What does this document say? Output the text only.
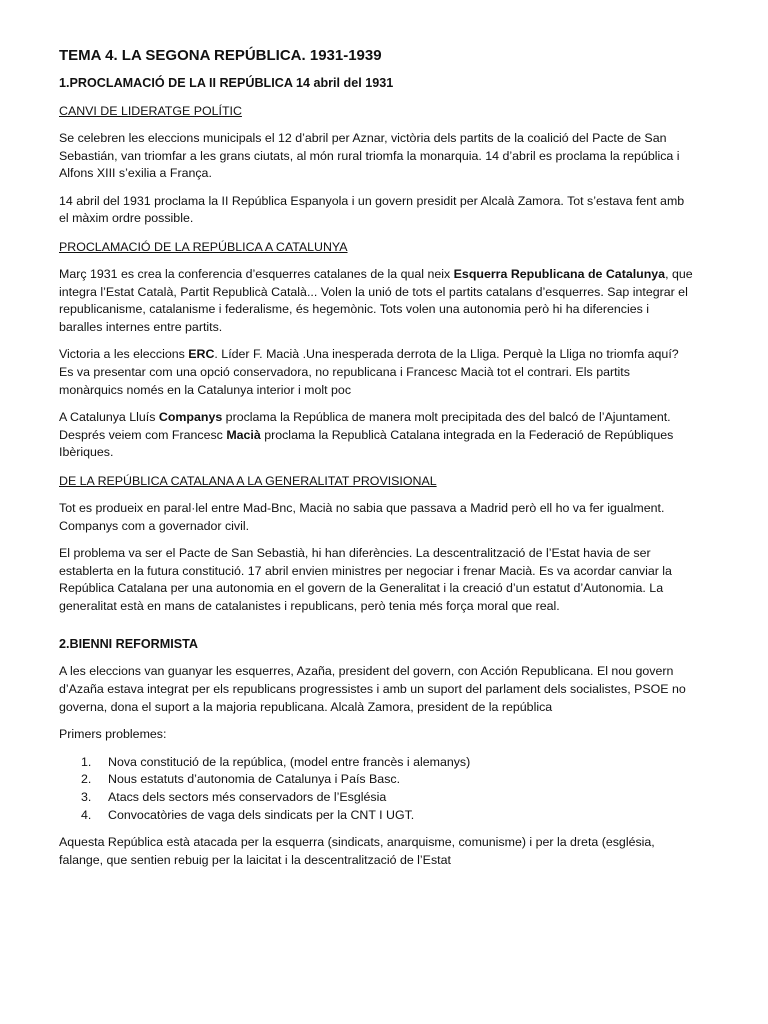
TEMA 4. LA SEGONA REPÚBLICA. 1931-1939
1.PROCLAMACIÓ DE LA II REPÚBLICA 14 abril del 1931
CANVI DE LIDERATGE POLÍTIC

Se celebren les eleccions municipals el 12 d’abril per Aznar, victòria dels partits de la coalició del Pacte de San Sebastián, van triomfar a les grans ciutats, al món rural triomfa la monarquia. 14 d’abril es proclama la república i Alfons XIII s’exilia a França.

14 abril del 1931 proclama la II República Espanyola i un govern presidit per Alcalà Zamora. Tot s’estava fent amb el màxim ordre possible.

PROCLAMACIÓ DE LA REPÚBLICA A CATALUNYA

Març 1931 es crea la conferencia d’esquerres catalanes de la qual neix Esquerra Republicana de Catalunya, que integra l’Estat Català, Partit Republicà Català... Volen la unió de tots el partits catalans d’esquerres. Sap integrar el republicanisme, catalanisme i federalisme, és hegemònic. Tots volen una autonomia però hi ha diferencies i baralles internes entre partits.

Victoria a les eleccions ERC. Líder F. Macià .Una inesperada derrota de la Lliga. Perquè la Lliga no triomfa aquí? Es va presentar com una opció conservadora, no republicana i Francesc Macià tot el contrari. Els partits monàrquics només en la Catalunya interior i molt poc

A Catalunya Lluís Companys proclama la República de manera molt precipitada des del balcó de l’Ajuntament. Després veiem com Francesc Macià proclama la Republicà Catalana integrada en la Federació de Repúbliques Ibèriques.

DE LA REPÚBLICA CATALANA A LA GENERALITAT PROVISIONAL

Tot es produeix en paral·lel entre Mad-Bnc, Macià no sabia que passava a Madrid però ell ho va fer igualment. Companys com a governador civil.

El problema va ser el Pacte de San Sebastià, hi han diferències. La descentralització de l’Estat havia de ser establerta en la futura constitució. 17 abril envien ministres per negociar i frenar Macià. Es va acordar canviar la República Catalana per una autonomia en el govern de la Generalitat i la creació d’un estatut d’Autonomia. La generalitat està en mans de catalanistes i republicans, però tenia més força moral que real.

2.BIENNI REFORMISTA

A les eleccions van guanyar les esquerres, Azaña, president del govern, con Acción Republicana. El nou govern d’Azaña estava integrat per els republicans progressistes i amb un suport del parlament dels socialistes, PSOE no governa, dona el suport a la majoria republicana. Alcalà Zamora, president de la república

Primers problemes:

1.	Nova constitució de la república, (model entre francès i alemanys)
2.	Nous estatuts d’autonomia de Catalunya i País Basc.
3.	Atacs dels sectors més conservadors de l’Església
4.	Convocatòries de vaga dels sindicats per la CNT I UGT.

Aquesta República està atacada per la esquerra (sindicats, anarquisme, comunisme) i per la dreta (església, falange, que sentien rebuig per la laicitat i la descentralització de l’Estat
